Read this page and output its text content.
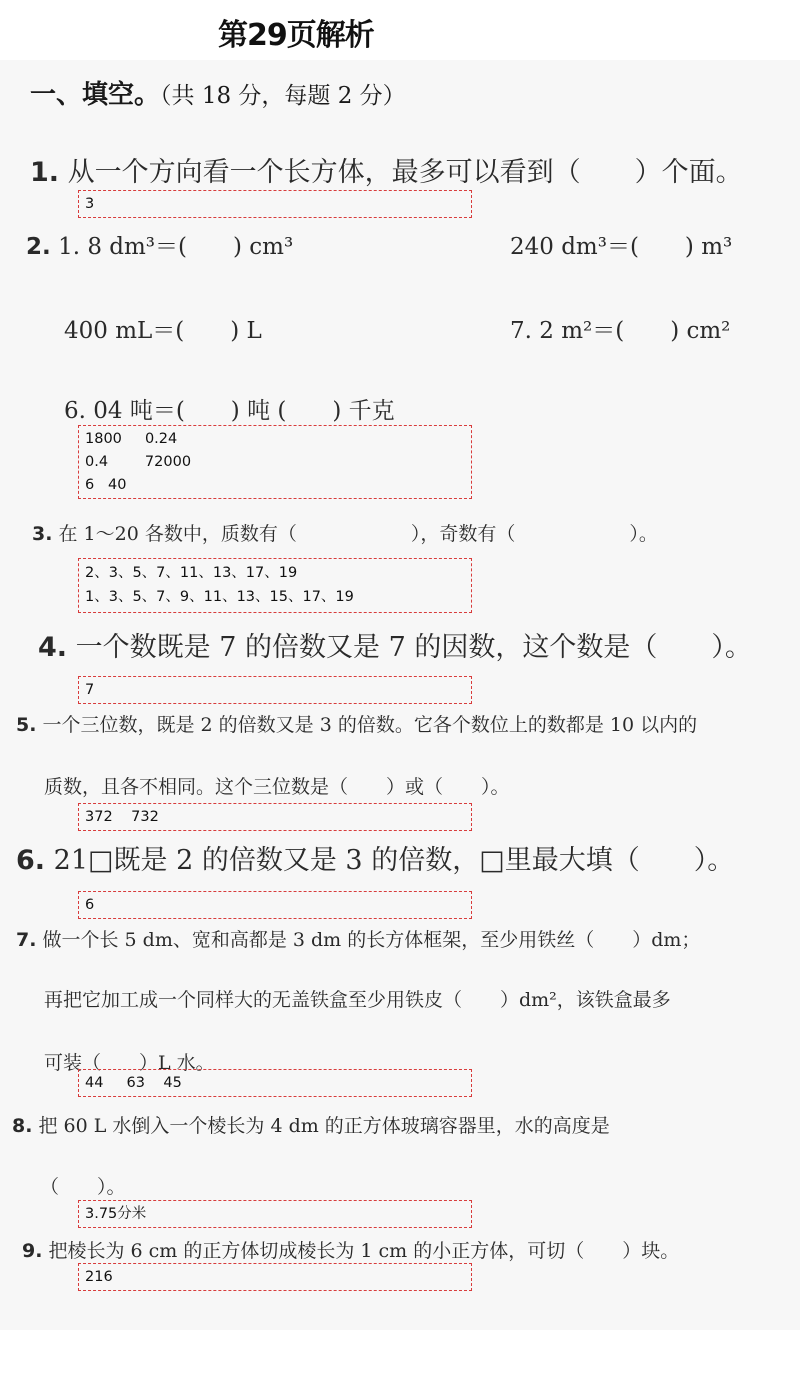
第29页解析
一、填空。（共 18 分，每题 2 分）
1. 从一个方向看一个长方体，最多可以看到（　　）个面。
3
2. 1. 8 dm³＝(　　) cm³	240 dm³＝(　　) m³
400 mL＝(　　) L	7. 2 m²＝(　　) cm²
6. 04 吨＝(　　) 吨 (　　) 千克
1800     0.24
0.4        72000
6   40
3. 在 1～20 各数中，质数有（　　　　　　），奇数有（　　　　　　）。
2、3、5、7、11、13、17、19
1、3、5、7、9、11、13、15、17、19
4. 一个数既是 7 的倍数又是 7 的因数，这个数是（　　）。
7
5. 一个三位数，既是 2 的倍数又是 3 的倍数。它各个数位上的数都是 10 以内的
质数，且各不相同。这个三位数是（　　）或（　　）。
372    732
6. 21□既是 2 的倍数又是 3 的倍数，□里最大填（　　）。
6
7. 做一个长 5 dm、宽和高都是 3 dm 的长方体框架，至少用铁丝（　　）dm；
再把它加工成一个同样大的无盖铁盒至少用铁皮（　　）dm²，该铁盒最多
可装（　　）L 水。
44     63    45
8. 把 60 L 水倒入一个棱长为 4 dm 的正方体玻璃容器里，水的高度是
（　　）。
3.75分米
9. 把棱长为 6 cm 的正方体切成棱长为 1 cm 的小正方体，可切（　　）块。
216
